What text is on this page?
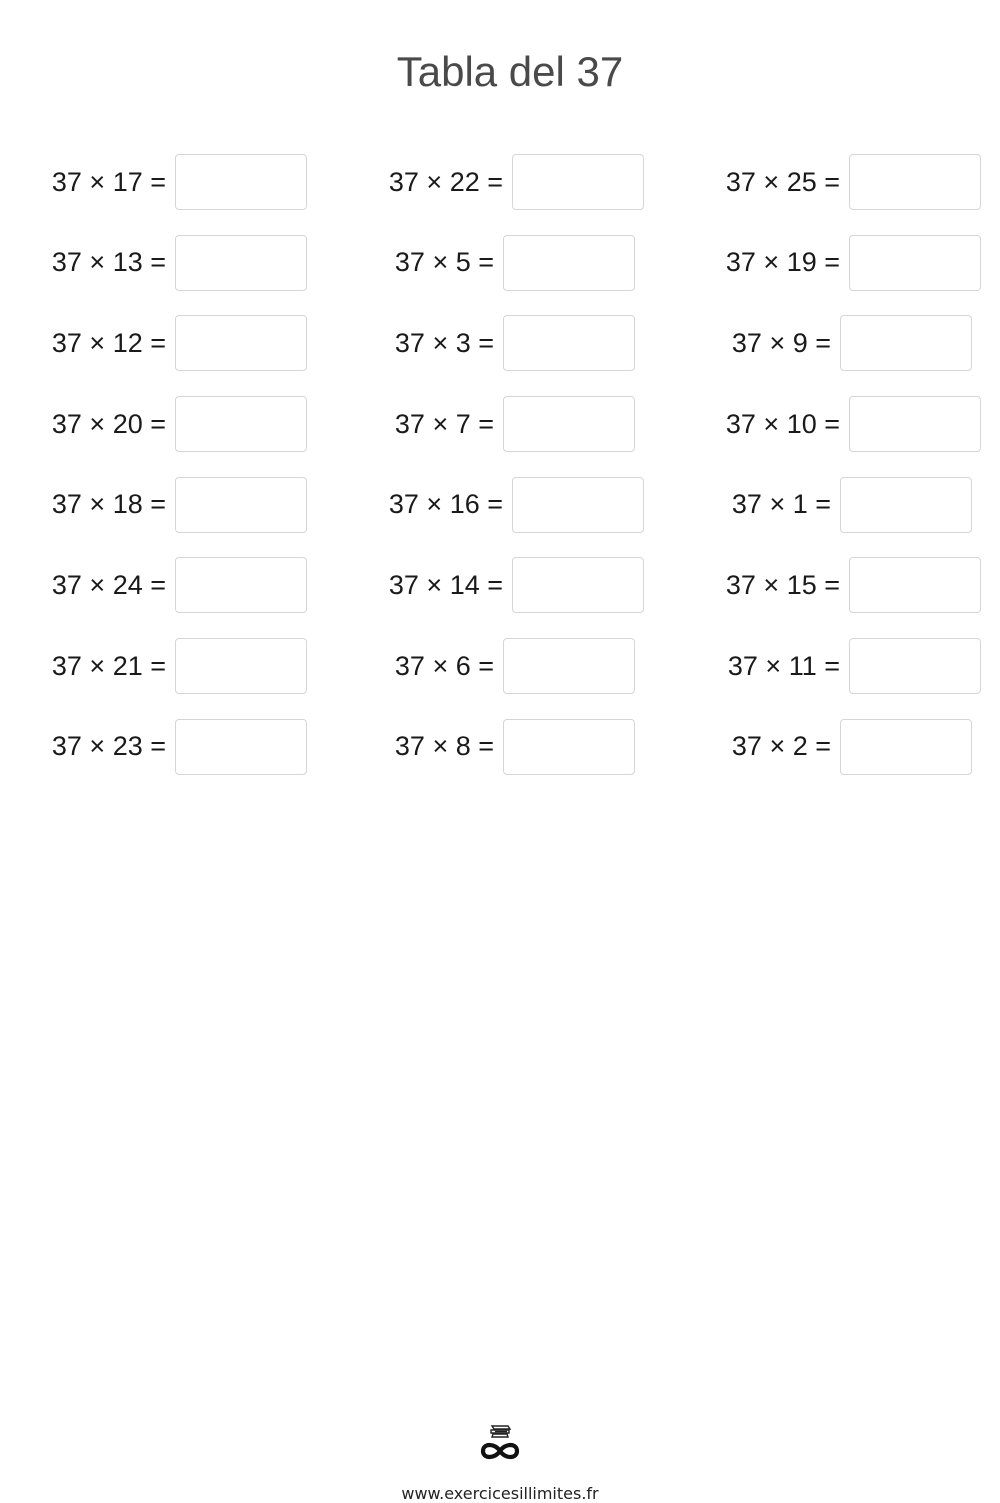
Tabla del 37
37 × 17 =	37 × 22 =	37 × 25 =
37 × 13 =	37 × 5 =	37 × 19 =
37 × 12 =	37 × 3 =	37 × 9 =
37 × 20 =	37 × 7 =	37 × 10 =
37 × 18 =	37 × 16 =	37 × 1 =
37 × 24 =	37 × 14 =	37 × 15 =
37 × 21 =	37 × 6 =	37 × 11 =
37 × 23 =	37 × 8 =	37 × 2 =
www.exercicesillimites.fr
